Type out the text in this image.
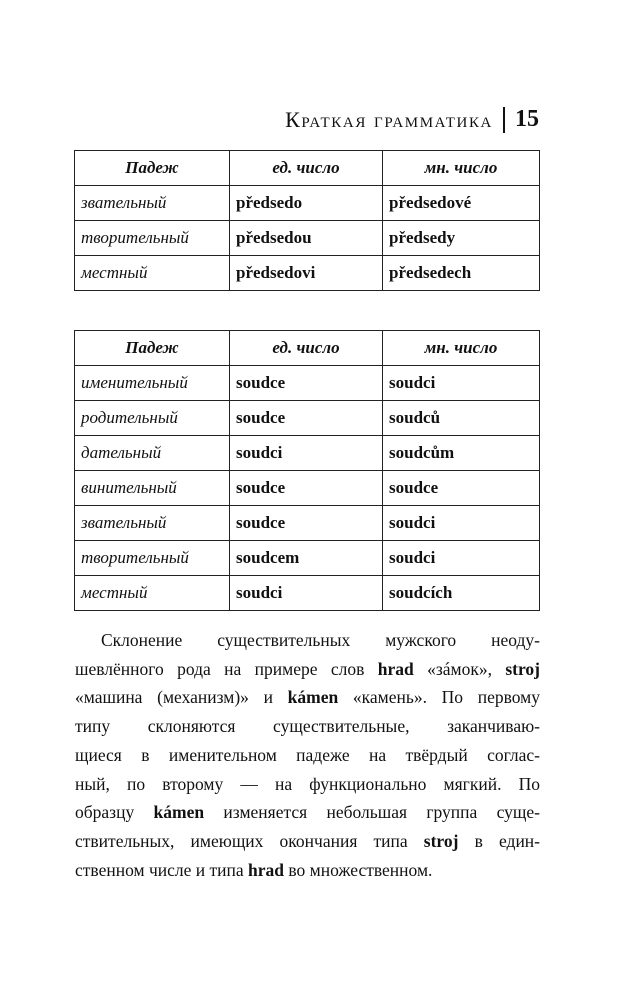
Краткая грамматика 15
Падеж	ед. число	мн. число
звательный	předsedo	předsedové
творительный	předsedou	předsedy
местный	předsedovi	předsedech
Падеж	ед. число	мн. число
именительный	soudce	soudci
родительный	soudce	soudců
дательный	soudci	soudcům
винительный	soudce	soudce
звательный	soudce	soudci
творительный	soudcem	soudci
местный	soudci	soudcích

Склонение существительных мужского неоду-
шевлённого рода на примере слов hrad «зáмок», stroj
«машина (механизм)» и kámen «камень». По первому
типу склоняются существительные, заканчиваю-
щиеся в именительном падеже на твёрдый соглас-
ный, по второму — на функционально мягкий. По
образцу kámen изменяется небольшая группа суще-
ствительных, имеющих окончания типа stroj в един-
ственном числе и типа hrad во множественном.
